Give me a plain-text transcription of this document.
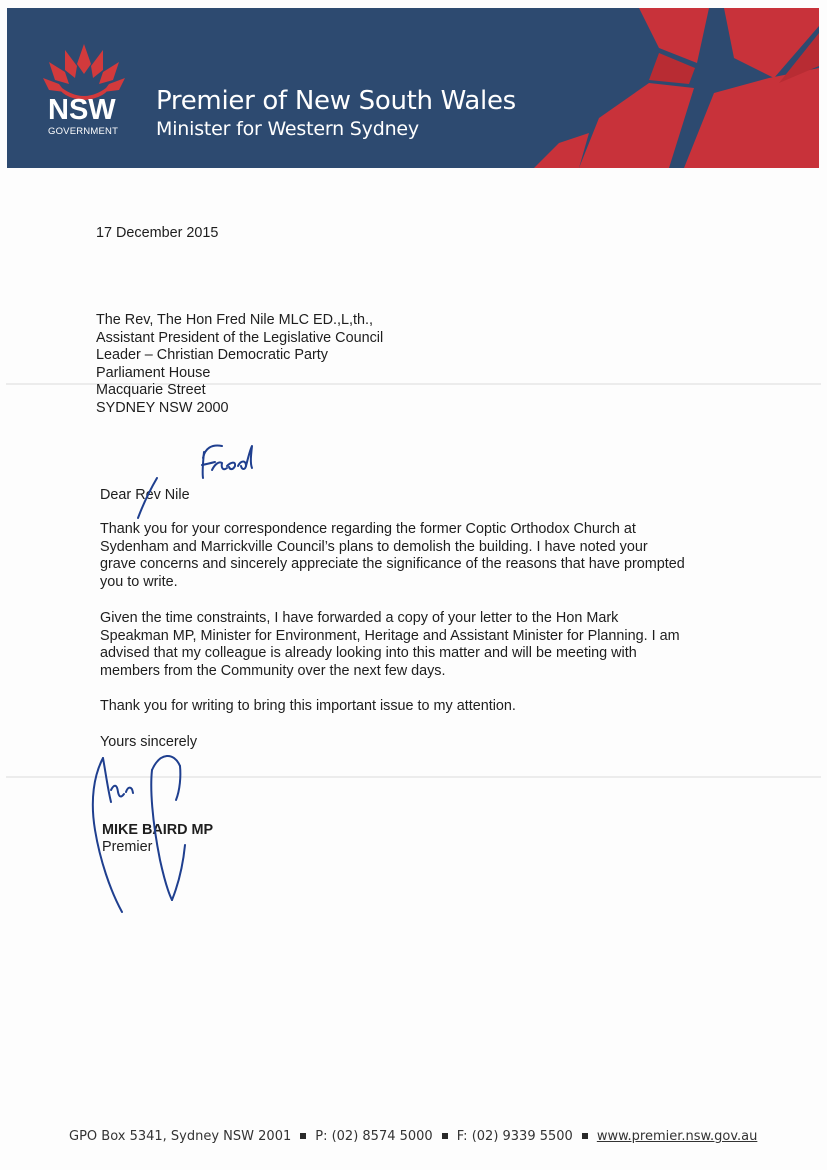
NSW
GOVERNMENT
Premier of New South Wales
Minister for Western Sydney
17 December 2015
The Rev, The Hon Fred Nile MLC ED.,L,th.,
Assistant President of the Legislative Council
Leader – Christian Democratic Party
Parliament House
Macquarie Street
SYDNEY NSW 2000
Dear Rev Nile
Thank you for your correspondence regarding the former Coptic Orthodox Church at
Sydenham and Marrickville Council’s plans to demolish the building. I have noted your
grave concerns and sincerely appreciate the significance of the reasons that have prompted
you to write.
Given the time constraints, I have forwarded a copy of your letter to the Hon Mark
Speakman MP, Minister for Environment, Heritage and Assistant Minister for Planning. I am
advised that my colleague is already looking into this matter and will be meeting with
members from the Community over the next few days.
Thank you for writing to bring this important issue to my attention.
Yours sincerely
MIKE BAIRD MP
Premier
GPO Box 5341, Sydney NSW 2001 P: (02) 8574 5000 F: (02) 9339 5500 www.premier.nsw.gov.au
